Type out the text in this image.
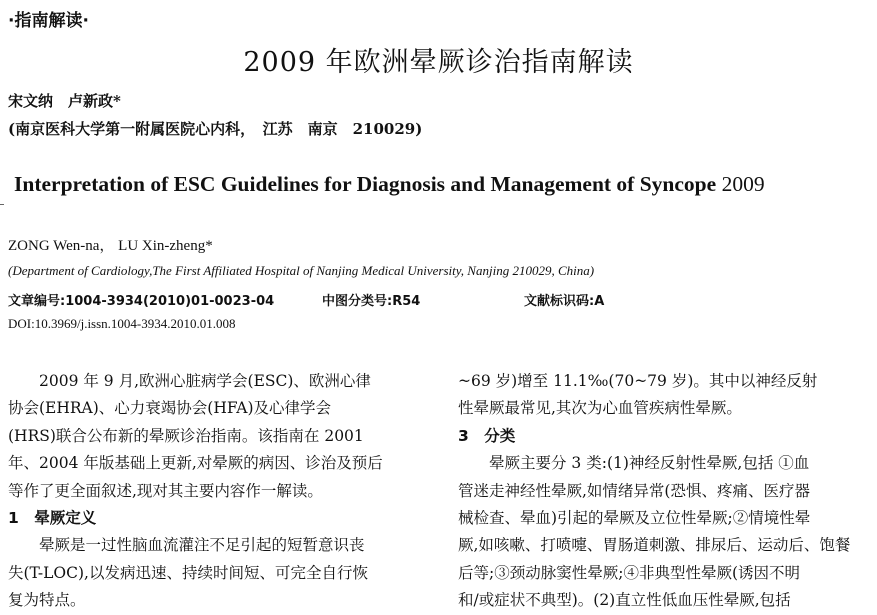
·指南解读·
2009 年欧洲晕厥诊治指南解读
宋文纳　卢新政*
(南京医科大学第一附属医院心内科，　江苏　南京　210029)
Interpretation of ESC Guidelines for Diagnosis and Management of Syncope 2009
ZONG Wen-na， LU Xin-zheng*
(Department of Cardiology,The First Affiliated Hospital of Nanjing Medical University, Nanjing 210029, China)
文章编号:1004-3934(2010)01-0023-04	中图分类号:R54	文献标识码:A
DOI:10.3969/j.issn.1004-3934.2010.01.008
　　2009 年 9 月,欧洲心脏病学会(ESC)、欧洲心律
协会(EHRA)、心力衰竭协会(HFA)及心律学会
(HRS)联合公布新的晕厥诊治指南。该指南在 2001
年、2004 年版基础上更新,对晕厥的病因、诊治及预后
等作了更全面叙述,现对其主要内容作一解读。
1　晕厥定义
　　晕厥是一过性脑血流灌注不足引起的短暂意识丧
失(T-LOC),以发病迅速、持续时间短、可完全自行恢
复为特点。
~69 岁)增至 11.1‰(70~79 岁)。其中以神经反射
性晕厥最常见,其次为心血管疾病性晕厥。
3　分类
　　晕厥主要分 3 类:(1)神经反射性晕厥,包括 ①血
管迷走神经性晕厥,如情绪异常(恐惧、疼痛、医疗器
械检查、晕血)引起的晕厥及立位性晕厥;②情境性晕
厥,如咳嗽、打喷嚏、胃肠道刺激、排尿后、运动后、饱餐
后等;③颈动脉窦性晕厥;④非典型性晕厥(诱因不明
和/或症状不典型)。(2)直立性低血压性晕厥,包括
